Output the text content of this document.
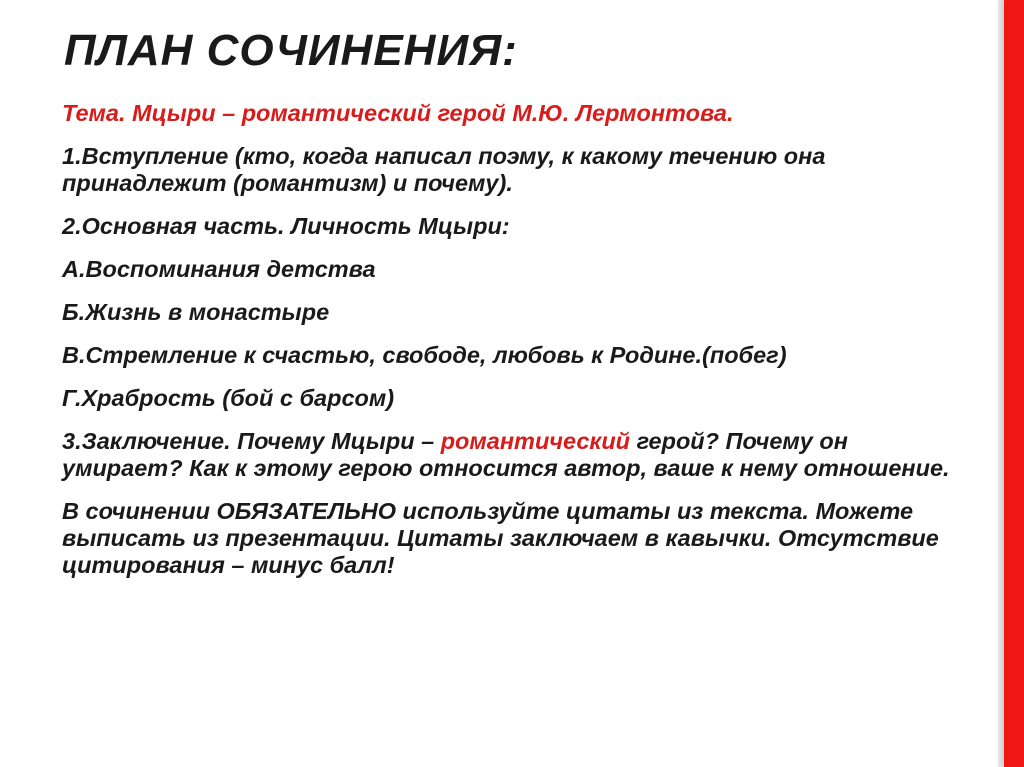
ПЛАН СОЧИНЕНИЯ:

Тема. Мцыри – романтический герой М.Ю. Лермонтова.

1.Вступление (кто, когда написал поэму, к какому течению она принадлежит (романтизм) и почему).

2.Основная часть. Личность Мцыри:

А.Воспоминания детства

Б.Жизнь в монастыре

В.Стремление к счастью, свободе, любовь к Родине.(побег)

Г.Храбрость (бой с барсом)

3.Заключение. Почему Мцыри – романтический герой? Почему он умирает? Как к этому герою относится автор, ваше к нему отношение.

В сочинении ОБЯЗАТЕЛЬНО используйте цитаты из текста. Можете выписать из презентации. Цитаты заключаем в кавычки. Отсутствие цитирования – минус балл!
